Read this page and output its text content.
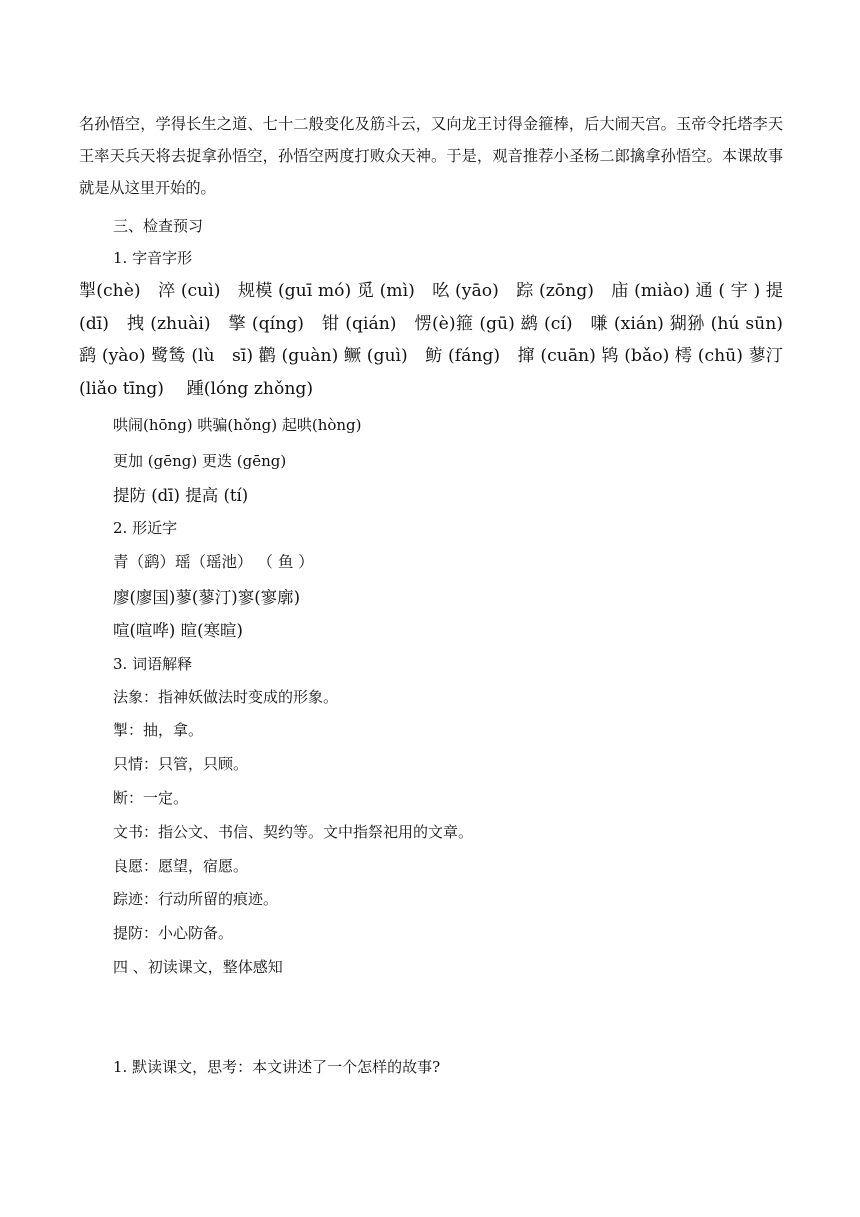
名孙悟空，学得长生之道、七十二般变化及筋斗云，又向龙王讨得金箍棒，后大闹天宫。玉帝令托塔李天王率天兵天将去捉拿孙悟空，孙悟空两度打败众天神。于是，观音推荐小圣杨二郎擒拿孙悟空。本课故事就是从这里开始的。

三、检查预习

1. 字音字形

掣(chè)　淬 (cuì)　规模 (guī mó) 觅 (mì)　吆 (yāo)　踪 (zōng)　庙 (miào) 通 ( 宇 ) 提(dī)　拽 (zhuài)　擎 (qíng)　钳 (qián)　愣(è)箍 (gū) 鹚 (cí)　嗛 (xián) 猢狲 (hú sūn) 鹞 (yào) 鹭鸶 (lù　sī) 鹳 (guàn) 鳜 (guì)　鲂 (fáng)　撺 (cuān) 鸨 (bǎo) 樗 (chū) 蓼汀(liǎo tīng)　 踵(lóng zhǒng)

哄闹(hōng) 哄骗(hǒng) 起哄(hòng)

更加 (gēng) 更迭 (gēng)

提防 (dī) 提高 (tí)

2. 形近字

青（鹞）瑶（瑶池） （ 鱼 ）

廖(廖国)蓼(蓼汀)寥(寥廓)

喧(喧哗) 暄(寒暄)

3. 词语解释

法象：指神妖做法时变成的形象。

掣：抽，拿。

只情：只管，只顾。

断：一定。

文书：指公文、书信、契约等。文中指祭祀用的文章。

良愿：愿望，宿愿。

踪迹：行动所留的痕迹。

提防：小心防备。

四 、初读课文，整体感知

1. 默读课文，思考：本文讲述了一个怎样的故事?
